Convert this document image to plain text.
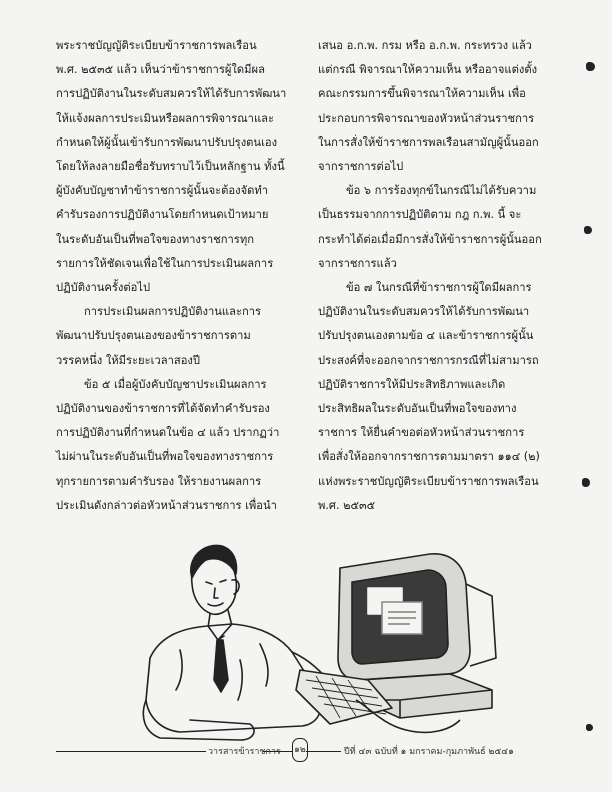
พระราชบัญญัติระเบียบข้าราชการพลเรือน
พ.ศ. ๒๕๓๕ แล้ว เห็นว่าข้าราชการผู้ใดมีผล
การปฏิบัติงานในระดับสมควรให้ได้รับการพัฒนา
ให้แจ้งผลการประเมินหรือผลการพิจารณาและ
กำหนดให้ผู้นั้นเข้ารับการพัฒนาปรับปรุงตนเอง
โดยให้ลงลายมือชื่อรับทราบไว้เป็นหลักฐาน ทั้งนี้
ผู้บังคับบัญชาทำข้าราชการผู้นั้นจะต้องจัดทำ
คำรับรองการปฏิบัติงานโดยกำหนดเป้าหมาย
ในระดับอันเป็นที่พอใจของทางราชการทุก
รายการให้ชัดเจนเพื่อใช้ในการประเมินผลการ
ปฏิบัติงานครั้งต่อไป

การประเมินผลการปฏิบัติงานและการ
พัฒนาปรับปรุงตนเองของข้าราชการตาม
วรรคหนึ่ง ให้มีระยะเวลาสองปี

ข้อ ๕ เมื่อผู้บังคับบัญชาประเมินผลการ
ปฏิบัติงานของข้าราชการที่ได้จัดทำคำรับรอง
การปฏิบัติงานที่กำหนดในข้อ ๔ แล้ว ปรากฏว่า
ไม่ผ่านในระดับอันเป็นที่พอใจของทางราชการ
ทุกรายการตามคำรับรอง ให้รายงานผลการ
ประเมินดังกล่าวต่อหัวหน้าส่วนราชการ เพื่อนำ

เสนอ อ.ก.พ. กรม หรือ อ.ก.พ. กระทรวง แล้ว
แต่กรณี พิจารณาให้ความเห็น หรืออาจแต่งตั้ง
คณะกรรมการขึ้นพิจารณาให้ความเห็น เพื่อ
ประกอบการพิจารณาของหัวหน้าส่วนราชการ
ในการสั่งให้ข้าราชการพลเรือนสามัญผู้นั้นออก
จากราชการต่อไป

ข้อ ๖ การร้องทุกข์ในกรณีไม่ได้รับความ
เป็นธรรมจากการปฏิบัติตาม กฎ ก.พ. นี้ จะ
กระทำได้ต่อเมื่อมีการสั่งให้ข้าราชการผู้นั้นออก
จากราชการแล้ว

ข้อ ๗ ในกรณีที่ข้าราชการผู้ใดมีผลการ
ปฏิบัติงานในระดับสมควรให้ได้รับการพัฒนา
ปรับปรุงตนเองตามข้อ ๔ และข้าราชการผู้นั้น
ประสงค์ที่จะออกจากราชการกรณีที่ไม่สามารถ
ปฏิบัติราชการให้มีประสิทธิภาพและเกิด
ประสิทธิผลในระดับอันเป็นที่พอใจของทาง
ราชการ ให้ยื่นคำขอต่อหัวหน้าส่วนราชการ
เพื่อสั่งให้ออกจากราชการตามมาตรา ๑๑๔ (๒)
แห่งพระราชบัญญัติระเบียบข้าราชการพลเรือน
พ.ศ. ๒๕๓๕

วารสารข้าราชการ ๑๒	ปีที่ ๔๓ ฉบับที่ ๑ มกราคม-กุมภาพันธ์ ๒๕๔๑
